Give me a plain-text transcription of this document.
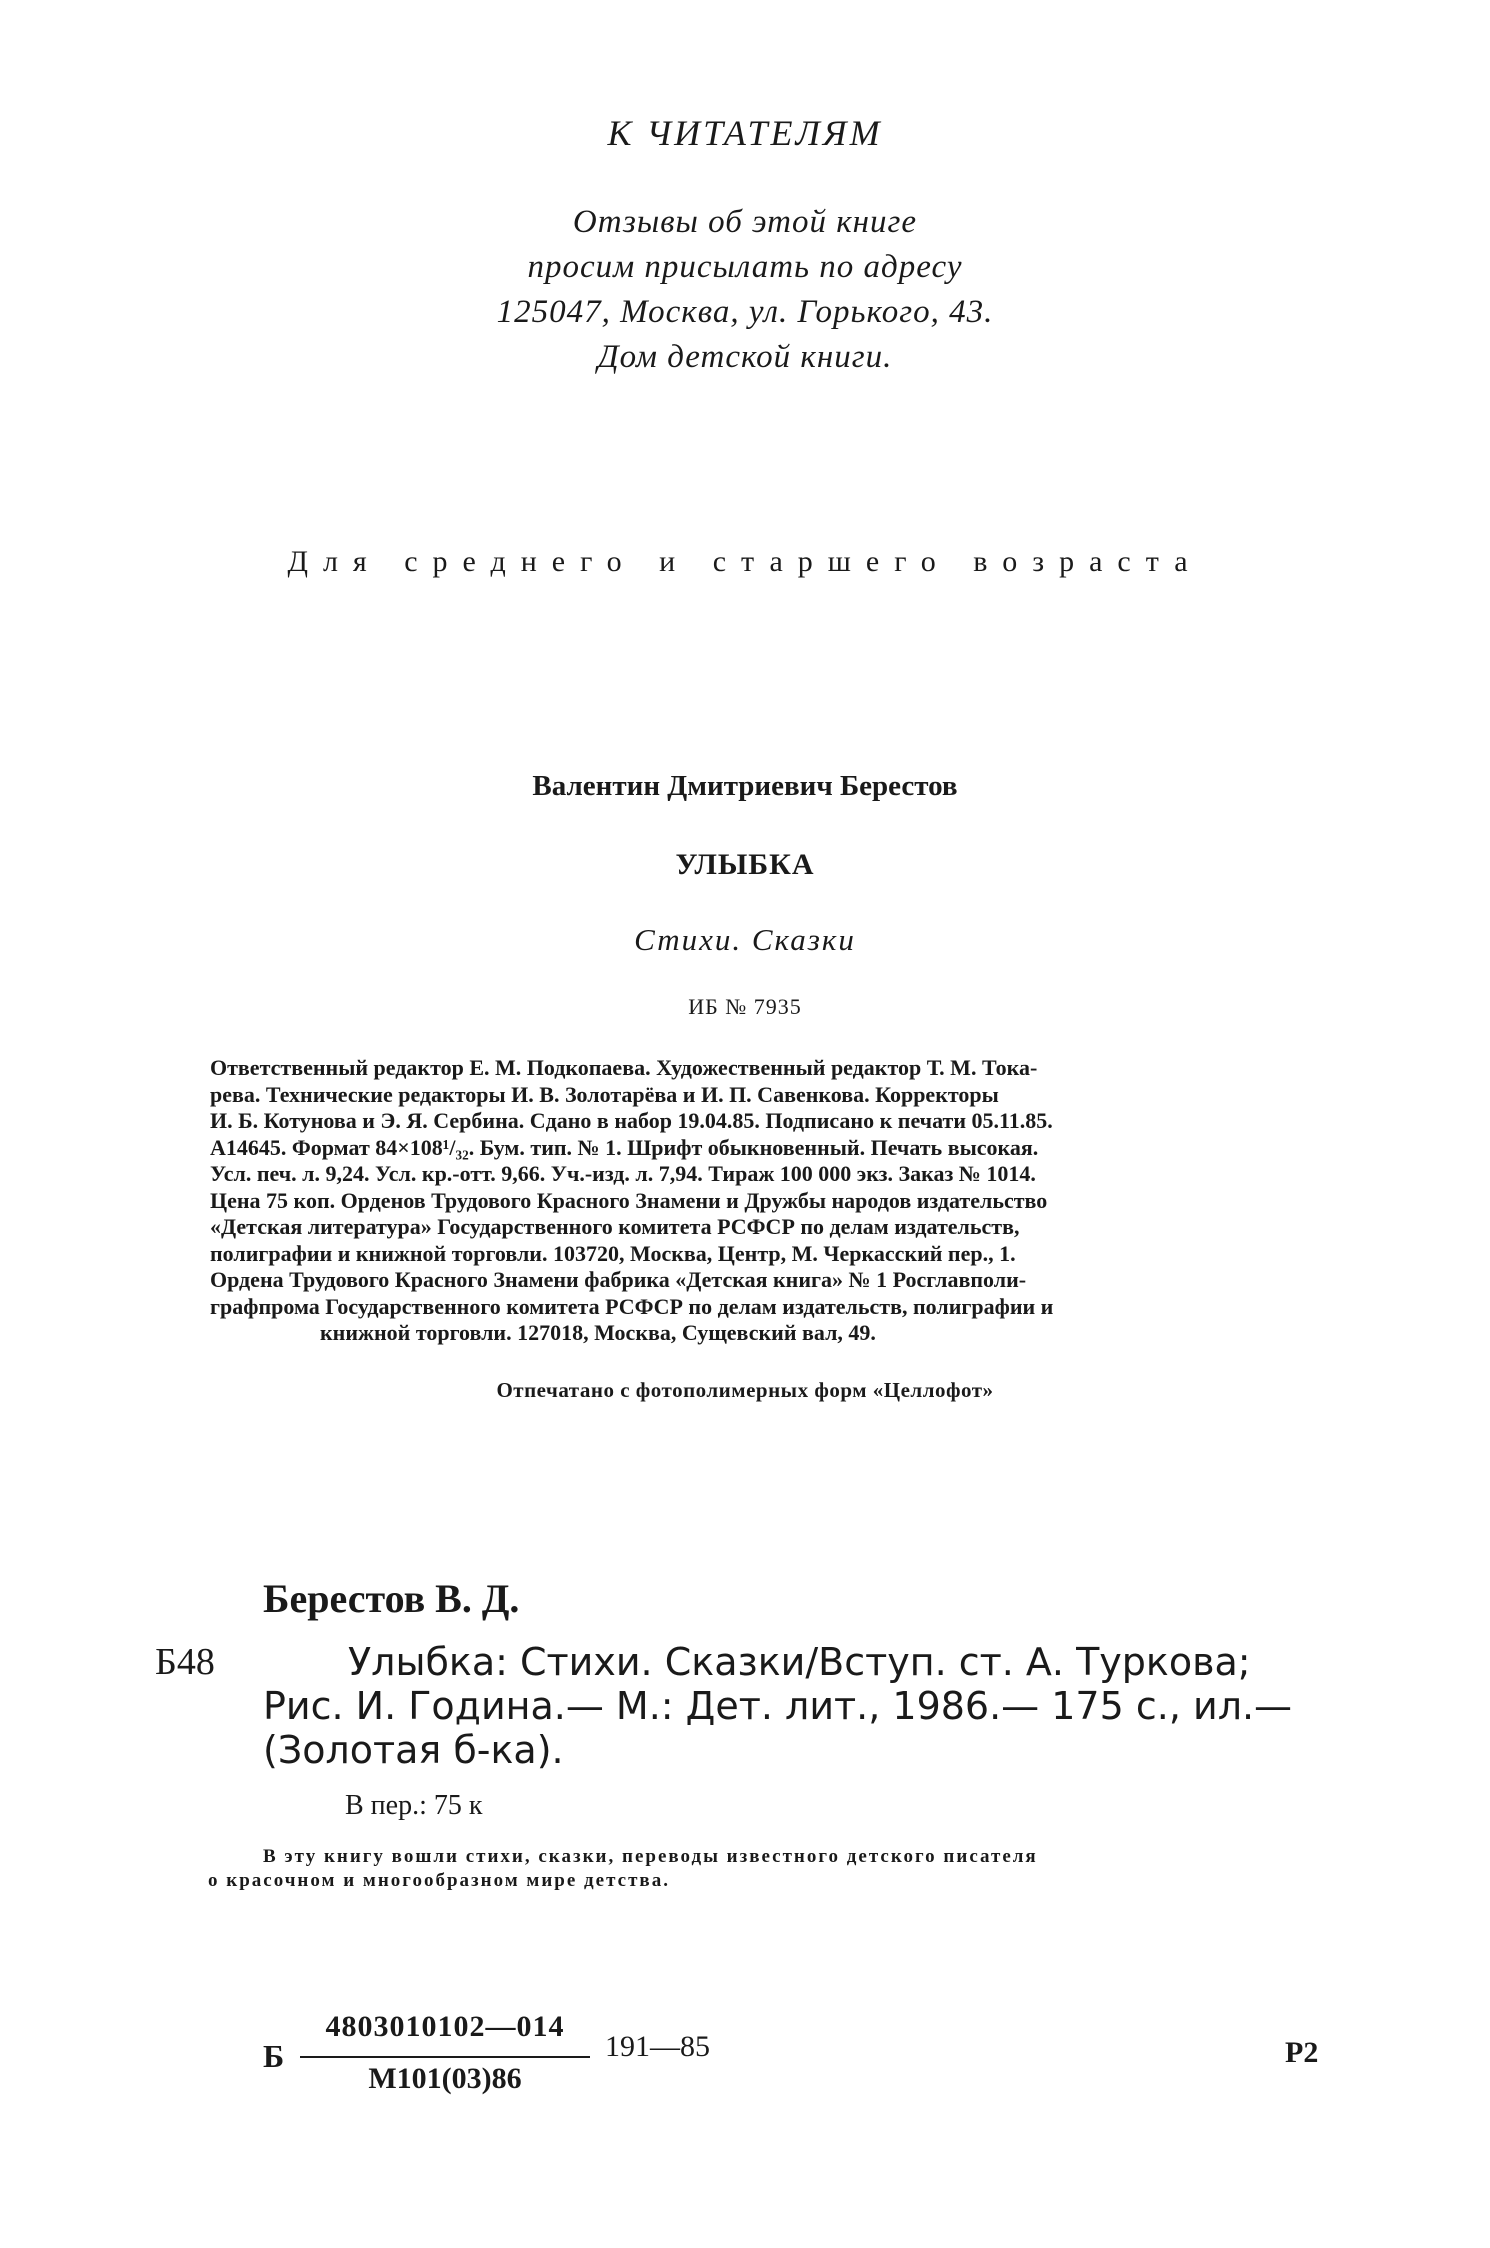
К ЧИТАТЕЛЯМ
Отзывы об этой книге
просим присылать по адресу
125047, Москва, ул. Горького, 43.
Дом детской книги.
Для среднего и старшего возраста
Валентин Дмитриевич Берестов
УЛЫБКА
Стихи. Сказки
ИБ № 7935
Ответственный редактор Е. М. Подкопаева. Художественный редактор Т. М. Тока-
рева. Технические редакторы И. В. Золотарёва и И. П. Савенкова. Корректоры
И. Б. Котунова и Э. Я. Сербина. Сдано в набор 19.04.85. Подписано к печати 05.11.85.
А14645. Формат 84×108¹/₃₂. Бум. тип. № 1. Шрифт обыкновенный. Печать высокая.
Усл. печ. л. 9,24. Усл. кр.-отт. 9,66. Уч.-изд. л. 7,94. Тираж 100 000 экз. Заказ № 1014.
Цена 75 коп. Орденов Трудового Красного Знамени и Дружбы народов издательство
«Детская литература» Государственного комитета РСФСР по делам издательств,
полиграфии и книжной торговли. 103720, Москва, Центр, М. Черкасский пер., 1.
Ордена Трудового Красного Знамени фабрика «Детская книга» № 1 Росглавполи-
графпрома Государственного комитета РСФСР по делам издательств, полиграфии и
книжной торговли. 127018, Москва, Сущевский вал, 49.
Отпечатано с фотополимерных форм «Целлофот»
Берестов В. Д.
Б48	Улыбка: Стихи. Сказки/Вступ. ст. А. Туркова;
Рис. И. Година.— М.: Дет. лит., 1986.— 175 с., ил.—
(Золотая б-ка).
В пер.: 75 к
В эту книгу вошли стихи, сказки, переводы известного детского писателя
о красочном и многообразном мире детства.
Б
4803010102—014
М101(03)86
191—85	Р2
